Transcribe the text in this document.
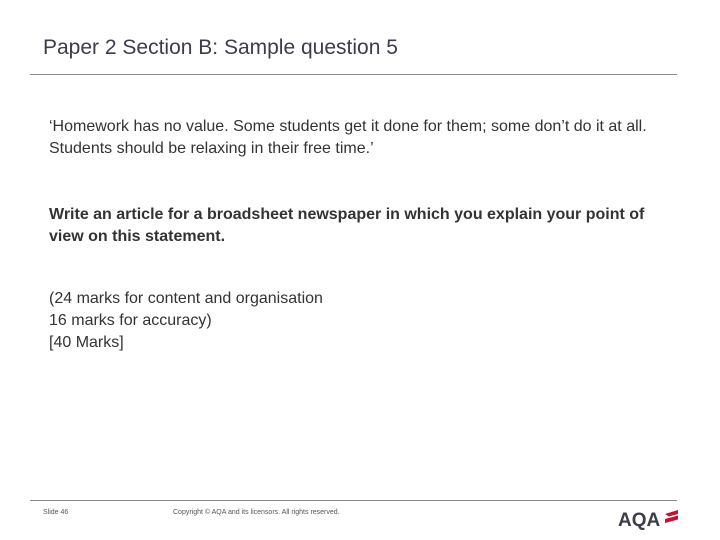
Paper 2 Section B: Sample question 5
‘Homework has no value. Some students get it done for them; some don’t do it at all. Students should be relaxing in their free time.’
Write an article for a broadsheet newspaper in which you explain your point of view on this statement.
(24 marks for content and organisation
16 marks for accuracy)
[40 Marks]
Slide 46	Copyright © AQA and its licensors. All rights reserved.	AQA
